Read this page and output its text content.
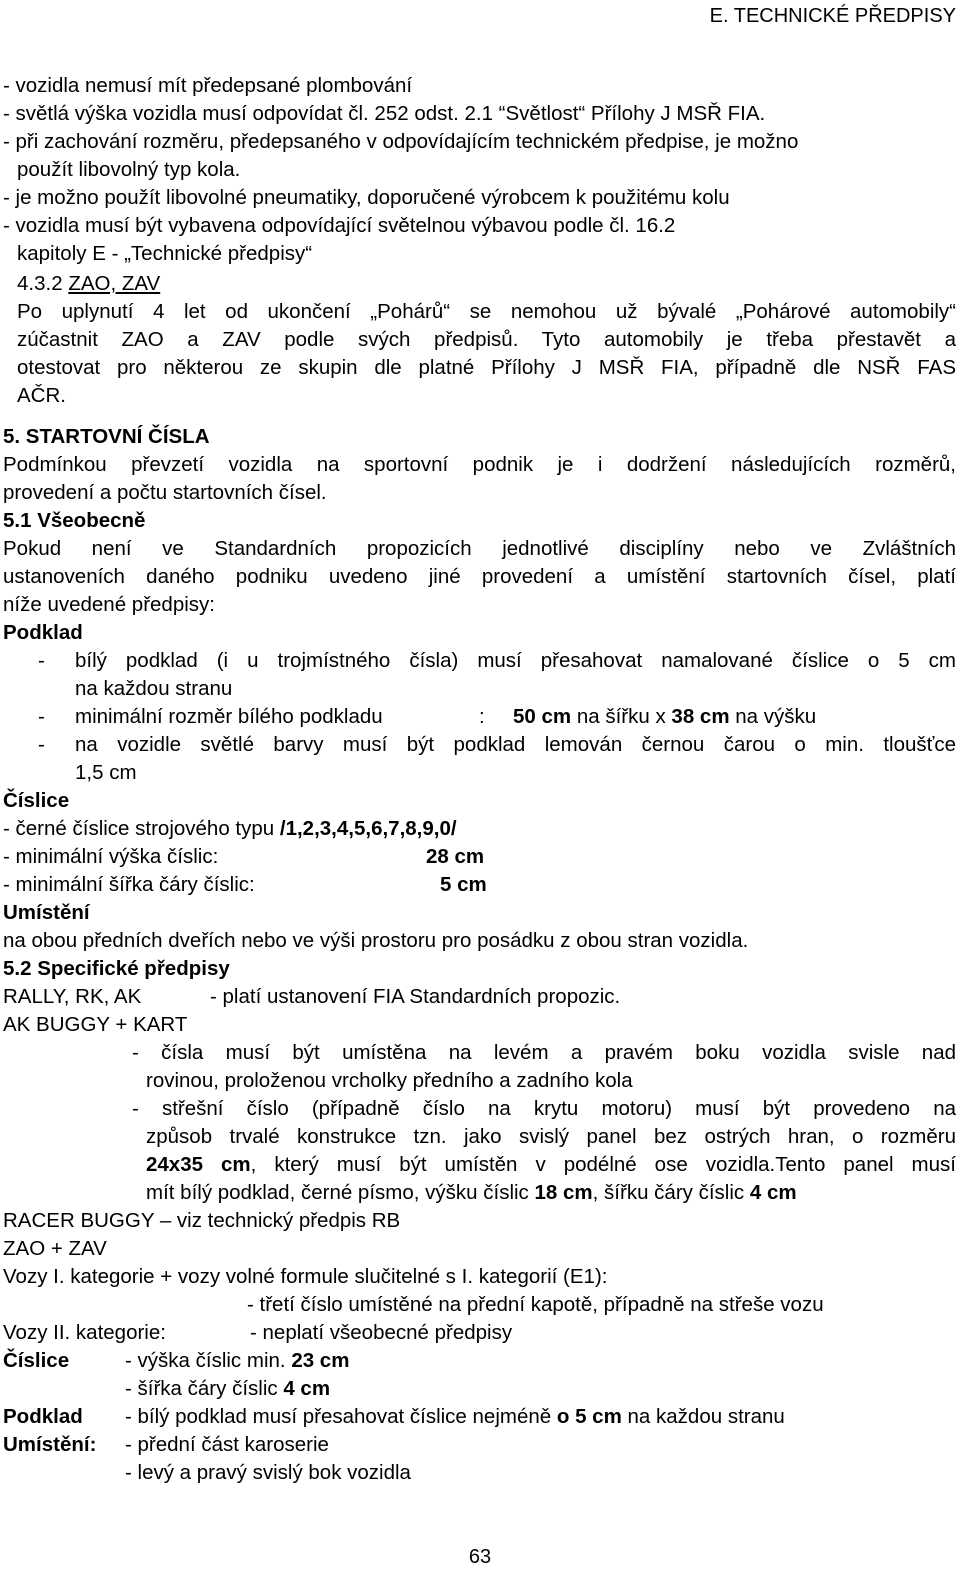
E. TECHNICKÉ PŘEDPISY
- vozidla nemusí mít předepsané plombování
- světlá výška vozidla musí odpovídat čl. 252 odst. 2.1 “Světlost“ Přílohy J MSŘ FIA.
- při zachování rozměru, předepsaného v odpovídajícím technickém předpise, je možno
použít libovolný typ kola.
- je možno použít libovolné pneumatiky, doporučené výrobcem k použitému kolu
- vozidla musí být vybavena odpovídající světelnou výbavou podle čl. 16.2
kapitoly E - „Technické předpisy“
4.3.2 ZAO, ZAV
Po uplynutí 4 let od ukončení „Pohárů“ se nemohou už bývalé „Pohárové automobily“
zúčastnit ZAO a ZAV podle svých předpisů. Tyto automobily je třeba přestavět a
otestovat pro některou ze skupin dle platné Přílohy J MSŘ FIA, případně dle NSŘ FAS
AČR.
5. STARTOVNÍ ČÍSLA
Podmínkou převzetí vozidla na sportovní podnik je i dodržení následujících rozměrů,
provedení a počtu startovních čísel.
5.1 Všeobecně
Pokud není ve Standardních propozicích jednotlivé disciplíny nebo ve Zvláštních
ustanoveních daného podniku uvedeno jiné provedení a umístění startovních čísel, platí
níže uvedené předpisy:
Podklad
- bílý podklad (i u trojmístného čísla) musí přesahovat namalované číslice o 5 cm
na každou stranu
- minimální rozměr bílého podkladu	: 50 cm na šířku x 38 cm na výšku
- na vozidle světlé barvy musí být podklad lemován černou čarou o min. tloušťce
1,5 cm
Číslice
- černé číslice strojového typu /1,2,3,4,5,6,7,8,9,0/
- minimální výška číslic:	28 cm
- minimální šířka čáry číslic:	5 cm
Umístění
na obou předních dveřích nebo ve výši prostoru pro posádku z obou stran vozidla.
5.2 Specifické předpisy
RALLY, RK, AK	- platí ustanovení FIA Standardních propozic.
AK BUGGY + KART
- čísla musí být umístěna na levém a pravém boku vozidla svisle nad
rovinou, proloženou vrcholky předního a zadního kola
- střešní číslo (případně číslo na krytu motoru) musí být provedeno na
způsob trvalé konstrukce tzn. jako svislý panel bez ostrých hran, o rozměru
24x35 cm, který musí být umístěn v podélné ose vozidla.Tento panel musí
mít bílý podklad, černé písmo, výšku číslic 18 cm, šířku čáry číslic 4 cm
RACER BUGGY – viz technický předpis RB
ZAO + ZAV
Vozy I. kategorie + vozy volné formule slučitelné s I. kategorií (E1):
- třetí číslo umístěné na přední kapotě, případně na střeše vozu
Vozy II. kategorie:	- neplatí všeobecné předpisy
Číslice	- výška číslic min. 23 cm
- šířka čáry číslic 4 cm
Podklad - bílý podklad musí přesahovat číslice nejméně o 5 cm na každou stranu
Umístění: - přední část karoserie
- levý a pravý svislý bok vozidla
63
